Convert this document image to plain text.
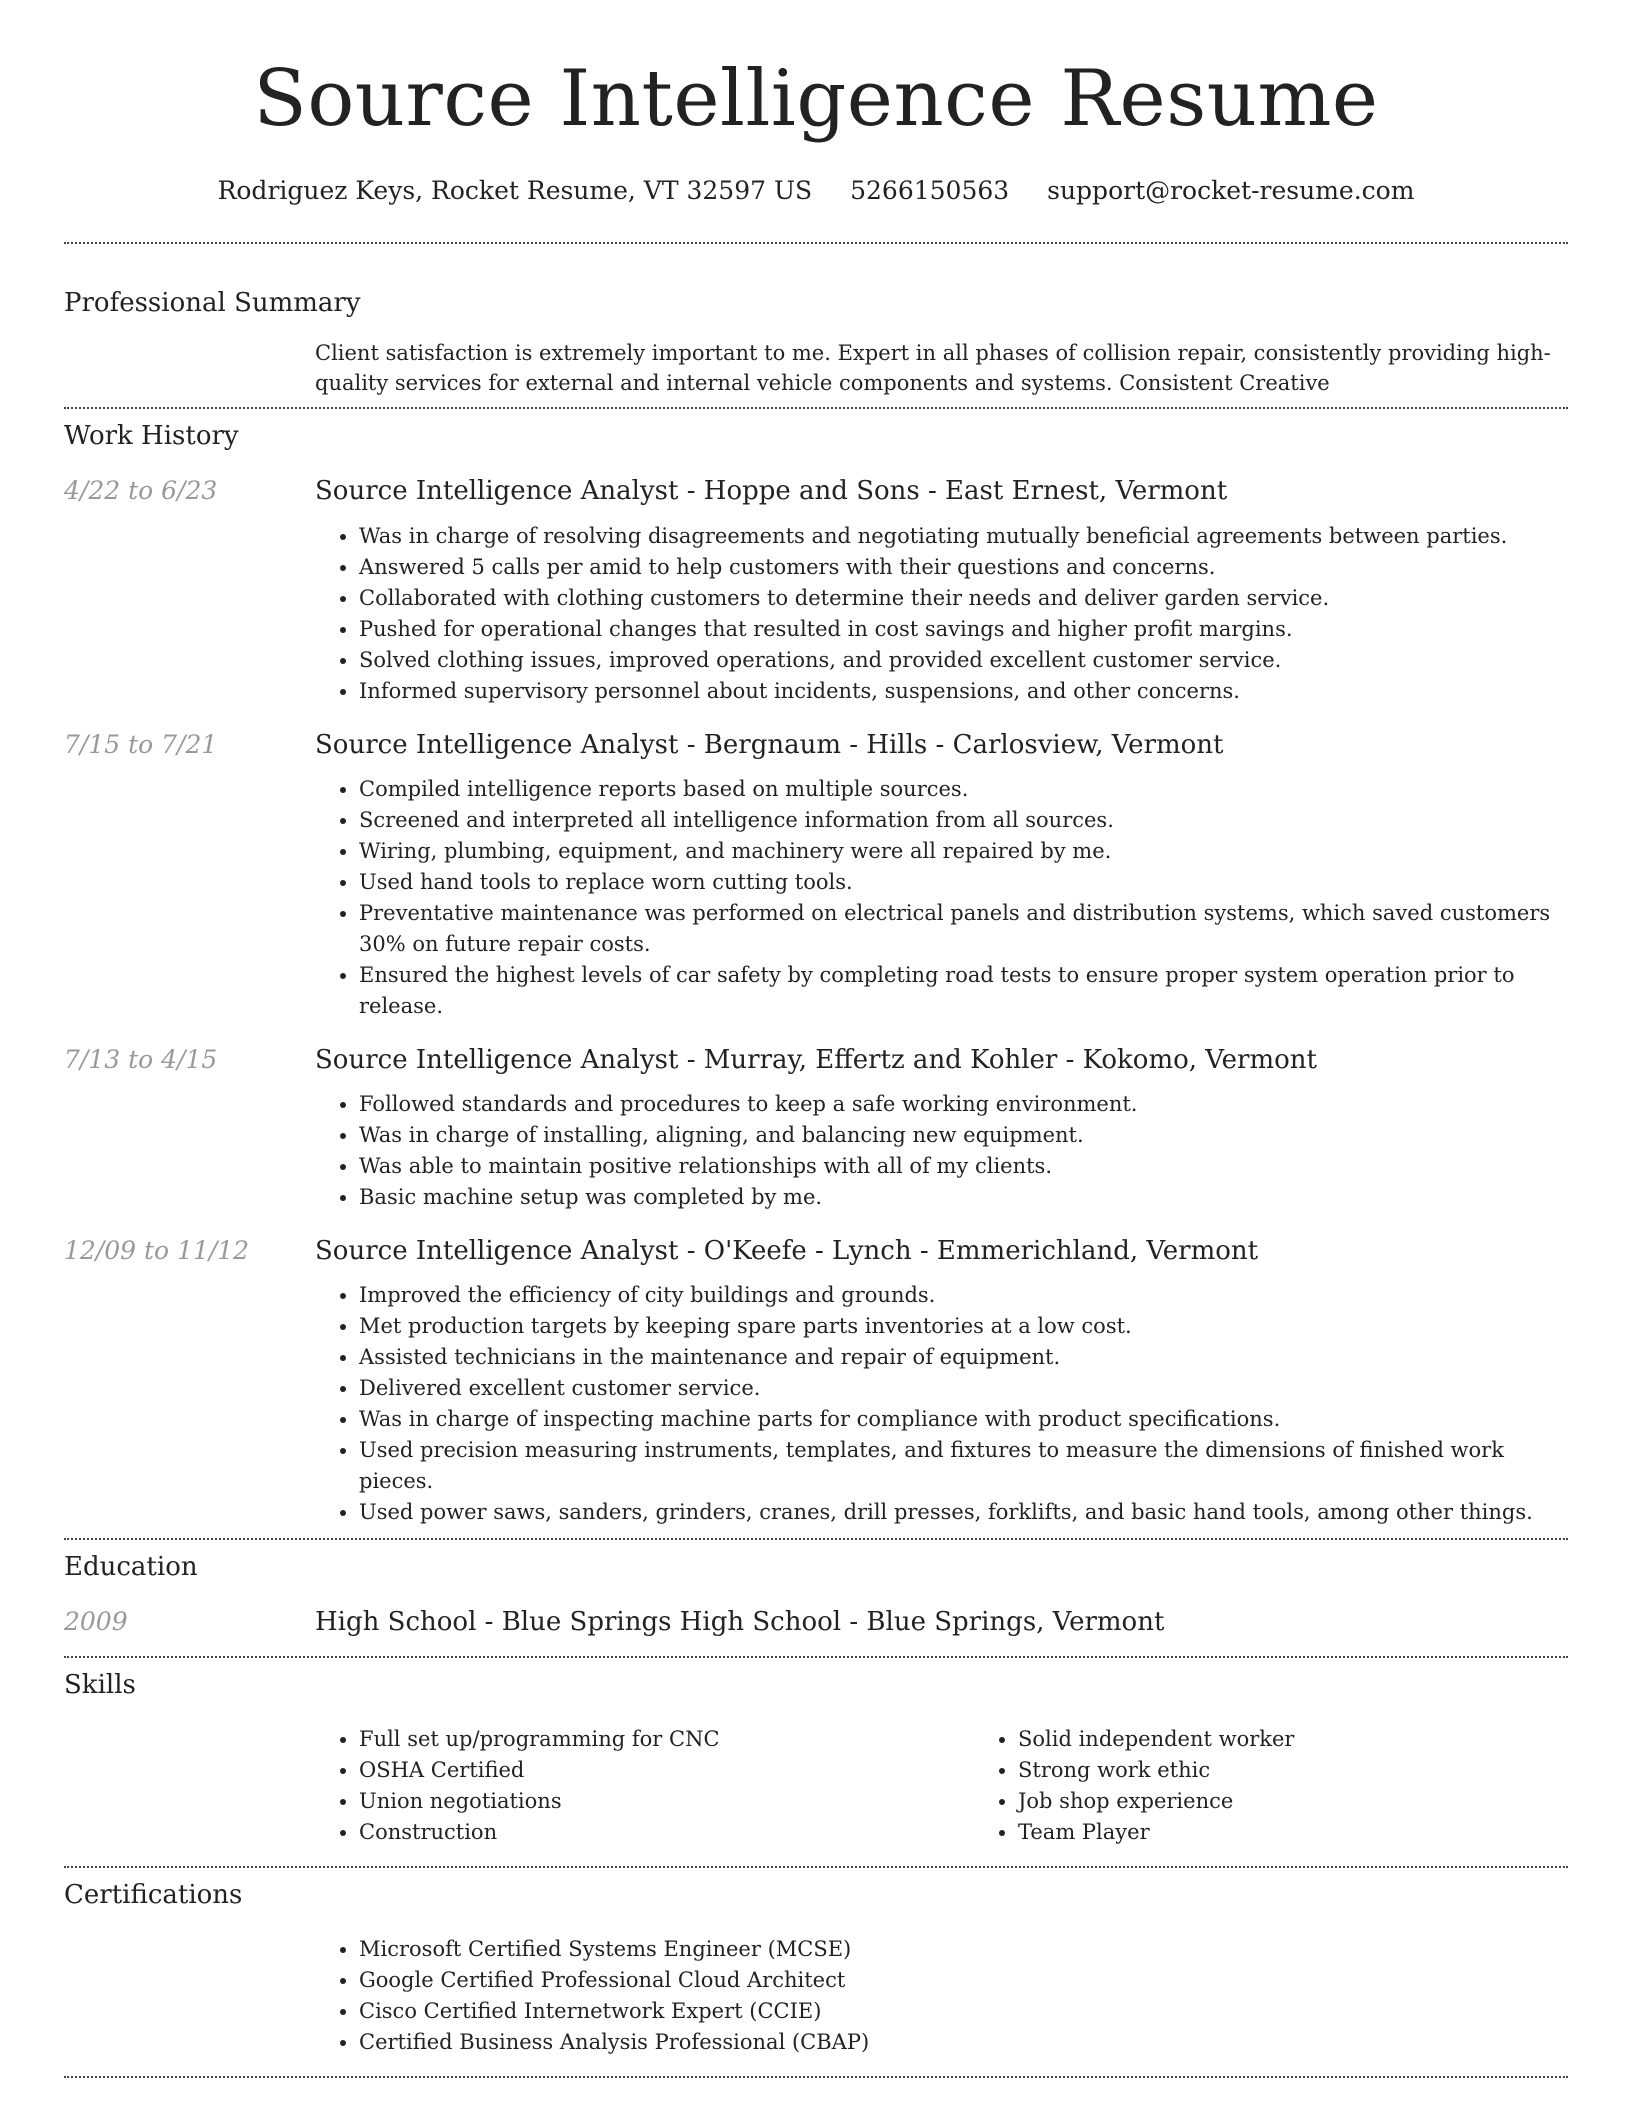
Source Intelligence Resume
Rodriguez Keys, Rocket Resume, VT 32597 US 5266150563 support@rocket-resume.com
Professional Summary
Client satisfaction is extremely important to me. Expert in all phases of collision repair, consistently providing high-quality services for external and internal vehicle components and systems. Consistent Creative
Work History
4/22 to 6/23	Source Intelligence Analyst - Hoppe and Sons - East Ernest, Vermont
• Was in charge of resolving disagreements and negotiating mutually beneficial agreements between parties.
• Answered 5 calls per amid to help customers with their questions and concerns.
• Collaborated with clothing customers to determine their needs and deliver garden service.
• Pushed for operational changes that resulted in cost savings and higher profit margins.
• Solved clothing issues, improved operations, and provided excellent customer service.
• Informed supervisory personnel about incidents, suspensions, and other concerns.
7/15 to 7/21	Source Intelligence Analyst - Bergnaum - Hills - Carlosview, Vermont
• Compiled intelligence reports based on multiple sources.
• Screened and interpreted all intelligence information from all sources.
• Wiring, plumbing, equipment, and machinery were all repaired by me.
• Used hand tools to replace worn cutting tools.
• Preventative maintenance was performed on electrical panels and distribution systems, which saved customers 30% on future repair costs.
• Ensured the highest levels of car safety by completing road tests to ensure proper system operation prior to release.
7/13 to 4/15	Source Intelligence Analyst - Murray, Effertz and Kohler - Kokomo, Vermont
• Followed standards and procedures to keep a safe working environment.
• Was in charge of installing, aligning, and balancing new equipment.
• Was able to maintain positive relationships with all of my clients.
• Basic machine setup was completed by me.
12/09 to 11/12	Source Intelligence Analyst - O'Keefe - Lynch - Emmerichland, Vermont
• Improved the efficiency of city buildings and grounds.
• Met production targets by keeping spare parts inventories at a low cost.
• Assisted technicians in the maintenance and repair of equipment.
• Delivered excellent customer service.
• Was in charge of inspecting machine parts for compliance with product specifications.
• Used precision measuring instruments, templates, and fixtures to measure the dimensions of finished work pieces.
• Used power saws, sanders, grinders, cranes, drill presses, forklifts, and basic hand tools, among other things.
Education
2009	High School - Blue Springs High School - Blue Springs, Vermont
Skills
• Full set up/programming for CNC
• OSHA Certified
• Union negotiations
• Construction
• Solid independent worker
• Strong work ethic
• Job shop experience
• Team Player
Certifications
• Microsoft Certified Systems Engineer (MCSE)
• Google Certified Professional Cloud Architect
• Cisco Certified Internetwork Expert (CCIE)
• Certified Business Analysis Professional (CBAP)
